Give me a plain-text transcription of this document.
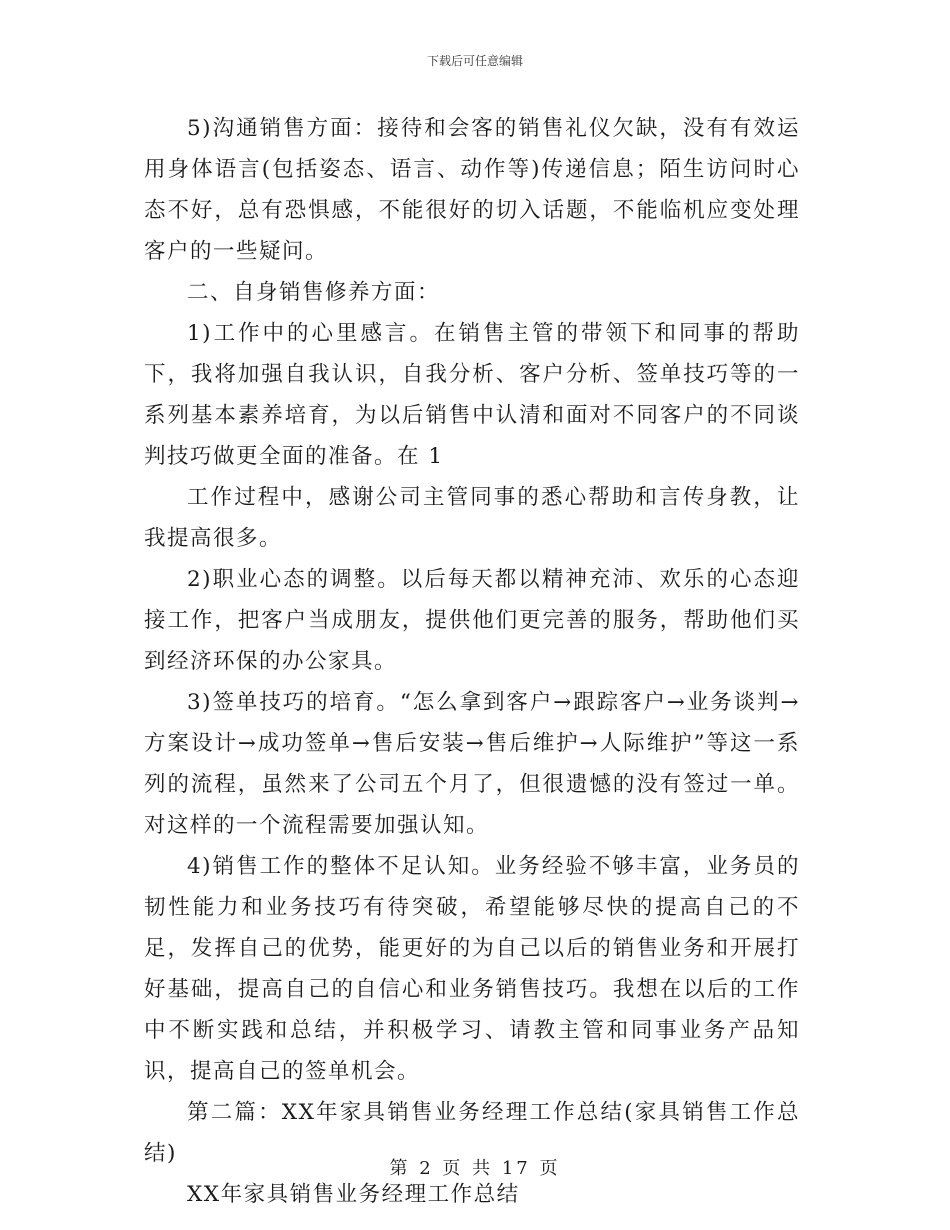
下载后可任意编辑

5)沟通销售方面：接待和会客的销售礼仪欠缺，没有有效运用身体语言(包括姿态、语言、动作等)传递信息；陌生访问时心态不好，总有恐惧感，不能很好的切入话题，不能临机应变处理客户的一些疑问。

二、自身销售修养方面：

1)工作中的心里感言。在销售主管的带领下和同事的帮助下，我将加强自我认识，自我分析、客户分析、签单技巧等的一系列基本素养培育，为以后销售中认清和面对不同客户的不同谈判技巧做更全面的准备。在 1

工作过程中，感谢公司主管同事的悉心帮助和言传身教，让我提高很多。

2)职业心态的调整。以后每天都以精神充沛、欢乐的心态迎接工作，把客户当成朋友，提供他们更完善的服务，帮助他们买到经济环保的办公家具。

3)签单技巧的培育。“怎么拿到客户→跟踪客户→业务谈判→方案设计→成功签单→售后安装→售后维护→人际维护”等这一系列的流程，虽然来了公司五个月了，但很遗憾的没有签过一单。对这样的一个流程需要加强认知。

4)销售工作的整体不足认知。业务经验不够丰富，业务员的韧性能力和业务技巧有待突破，希望能够尽快的提高自己的不足，发挥自己的优势，能更好的为自己以后的销售业务和开展打好基础，提高自己的自信心和业务销售技巧。我想在以后的工作中不断实践和总结，并积极学习、请教主管和同事业务产品知识，提高自己的签单机会。

第二篇：XX年家具销售业务经理工作总结(家具销售工作总结)

XX年家具销售业务经理工作总结

第 2 页 共 17 页
